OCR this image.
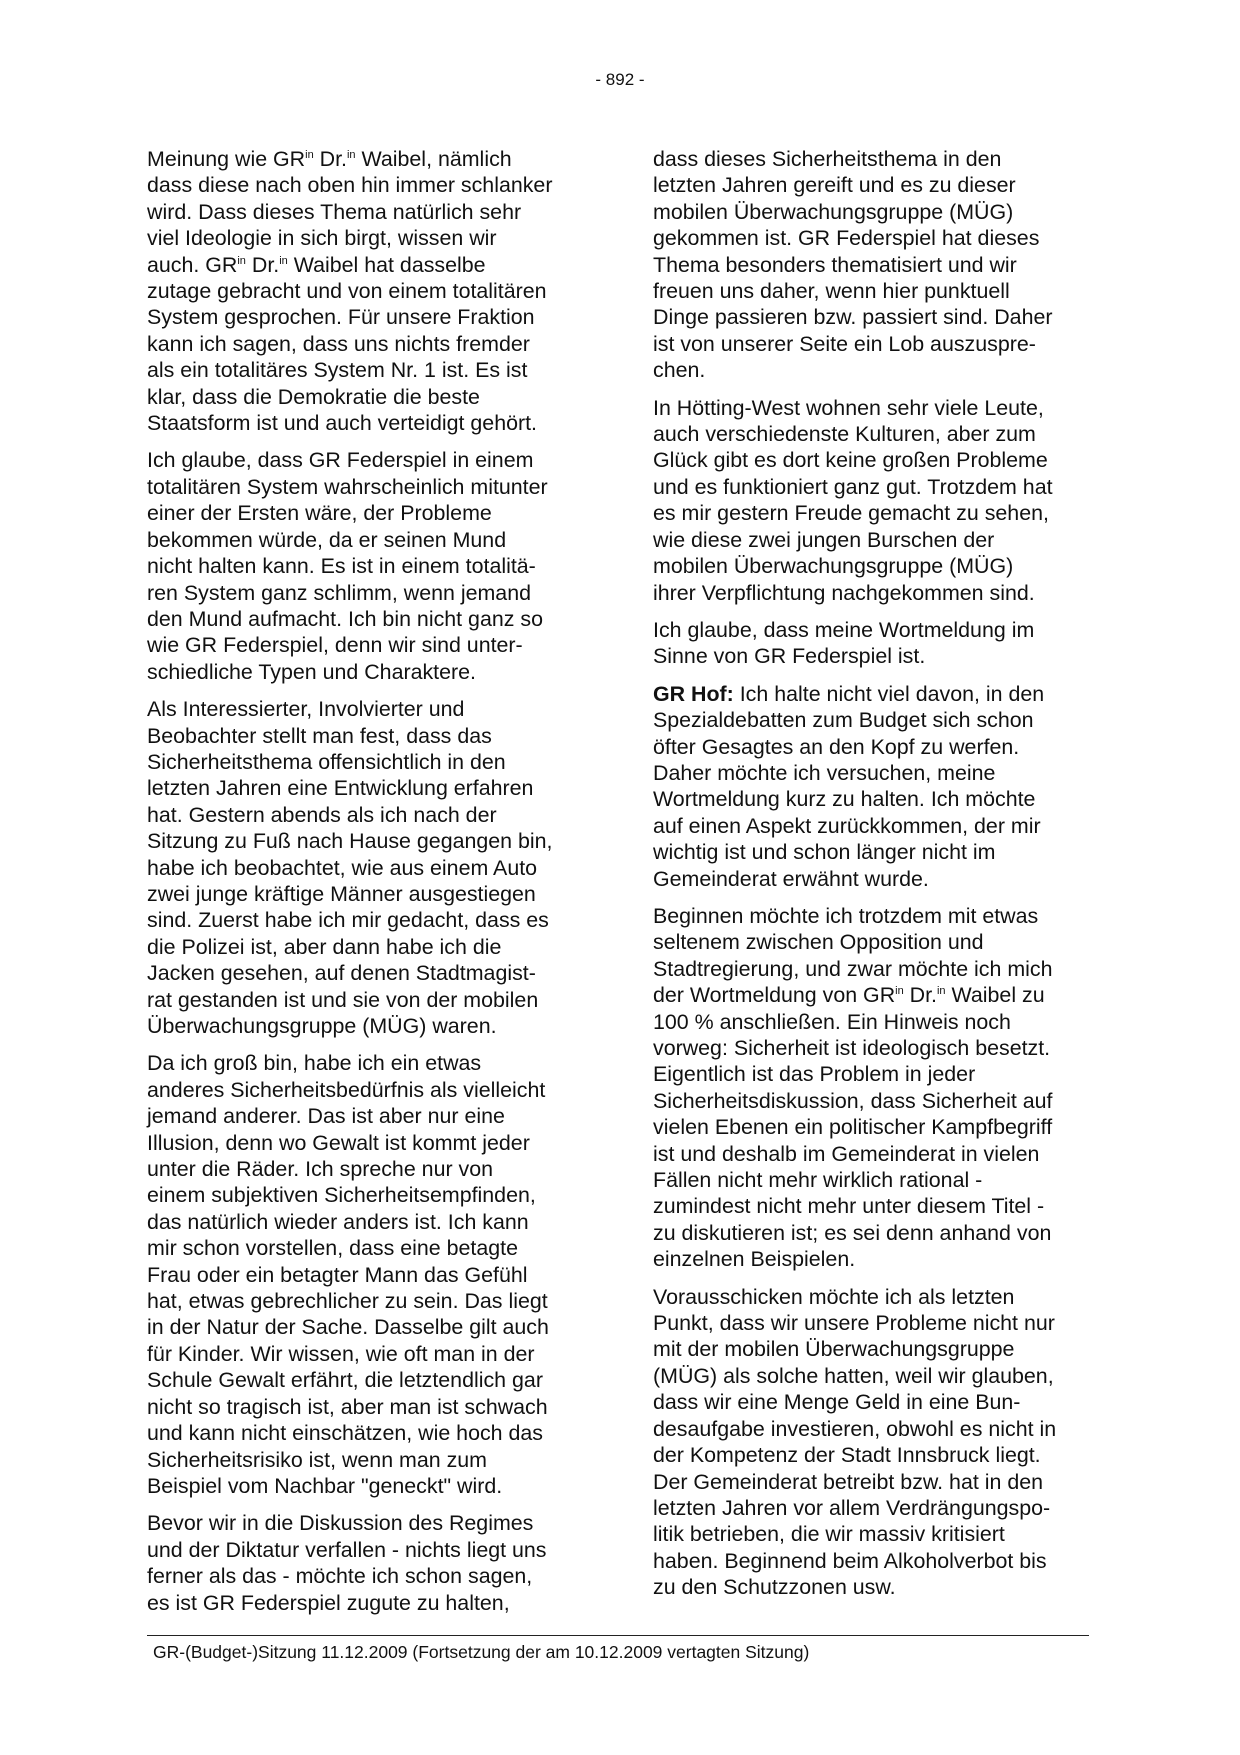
- 892 -

Meinung wie $GR^{in}$ Dr.$^{in}$ Waibel, nämlich
dass diese nach oben hin immer schlanker
wird. Dass dieses Thema natürlich sehr
viel Ideologie in sich birgt, wissen wir
auch. $GR^{in}$ Dr.$^{in}$ Waibel hat dasselbe
zutage gebracht und von einem totalitären
System gesprochen. Für unsere Fraktion
kann ich sagen, dass uns nichts fremder
als ein totalitäres System Nr. 1 ist. Es ist
klar, dass die Demokratie die beste
Staatsform ist und auch verteidigt gehört.

Ich glaube, dass GR Federspiel in einem
totalitären System wahrscheinlich mitunter
einer der Ersten wäre, der Probleme
bekommen würde, da er seinen Mund
nicht halten kann. Es ist in einem totalitä-
ren System ganz schlimm, wenn jemand
den Mund aufmacht. Ich bin nicht ganz so
wie GR Federspiel, denn wir sind unter-
schiedliche Typen und Charaktere.

Als Interessierter, Involvierter und
Beobachter stellt man fest, dass das
Sicherheitsthema offensichtlich in den
letzten Jahren eine Entwicklung erfahren
hat. Gestern abends als ich nach der
Sitzung zu Fuß nach Hause gegangen bin,
habe ich beobachtet, wie aus einem Auto
zwei junge kräftige Männer ausgestiegen
sind. Zuerst habe ich mir gedacht, dass es
die Polizei ist, aber dann habe ich die
Jacken gesehen, auf denen Stadtmagist-
rat gestanden ist und sie von der mobilen
Überwachungsgruppe (MÜG) waren.

Da ich groß bin, habe ich ein etwas
anderes Sicherheitsbedürfnis als vielleicht
jemand anderer. Das ist aber nur eine
Illusion, denn wo Gewalt ist kommt jeder
unter die Räder. Ich spreche nur von
einem subjektiven Sicherheitsempfinden,
das natürlich wieder anders ist. Ich kann
mir schon vorstellen, dass eine betagte
Frau oder ein betagter Mann das Gefühl
hat, etwas gebrechlicher zu sein. Das liegt
in der Natur der Sache. Dasselbe gilt auch
für Kinder. Wir wissen, wie oft man in der
Schule Gewalt erfährt, die letztendlich gar
nicht so tragisch ist, aber man ist schwach
und kann nicht einschätzen, wie hoch das
Sicherheitsrisiko ist, wenn man zum
Beispiel vom Nachbar "geneckt" wird.

Bevor wir in die Diskussion des Regimes
und der Diktatur verfallen - nichts liegt uns
ferner als das - möchte ich schon sagen,
es ist GR Federspiel zugute zu halten,

dass dieses Sicherheitsthema in den
letzten Jahren gereift und es zu dieser
mobilen Überwachungsgruppe (MÜG)
gekommen ist. GR Federspiel hat dieses
Thema besonders thematisiert und wir
freuen uns daher, wenn hier punktuell
Dinge passieren bzw. passiert sind. Daher
ist von unserer Seite ein Lob auszuspre-
chen.

In Hötting-West wohnen sehr viele Leute,
auch verschiedenste Kulturen, aber zum
Glück gibt es dort keine großen Probleme
und es funktioniert ganz gut. Trotzdem hat
es mir gestern Freude gemacht zu sehen,
wie diese zwei jungen Burschen der
mobilen Überwachungsgruppe (MÜG)
ihrer Verpflichtung nachgekommen sind.

Ich glaube, dass meine Wortmeldung im
Sinne von GR Federspiel ist.

GR Hof: Ich halte nicht viel davon, in den
Spezialdebatten zum Budget sich schon
öfter Gesagtes an den Kopf zu werfen.
Daher möchte ich versuchen, meine
Wortmeldung kurz zu halten. Ich möchte
auf einen Aspekt zurückkommen, der mir
wichtig ist und schon länger nicht im
Gemeinderat erwähnt wurde.

Beginnen möchte ich trotzdem mit etwas
seltenem zwischen Opposition und
Stadtregierung, und zwar möchte ich mich
der Wortmeldung von $GR^{in}$ Dr.$^{in}$ Waibel zu
100 % anschließen. Ein Hinweis noch
vorweg: Sicherheit ist ideologisch besetzt.
Eigentlich ist das Problem in jeder
Sicherheitsdiskussion, dass Sicherheit auf
vielen Ebenen ein politischer Kampfbegriff
ist und deshalb im Gemeinderat in vielen
Fällen nicht mehr wirklich rational -
zumindest nicht mehr unter diesem Titel -
zu diskutieren ist; es sei denn anhand von
einzelnen Beispielen.

Vorausschicken möchte ich als letzten
Punkt, dass wir unsere Probleme nicht nur
mit der mobilen Überwachungsgruppe
(MÜG) als solche hatten, weil wir glauben,
dass wir eine Menge Geld in eine Bun-
desaufgabe investieren, obwohl es nicht in
der Kompetenz der Stadt Innsbruck liegt.
Der Gemeinderat betreibt bzw. hat in den
letzten Jahren vor allem Verdrängungspo-
litik betrieben, die wir massiv kritisiert
haben. Beginnend beim Alkoholverbot bis
zu den Schutzzonen usw.

GR-(Budget-)Sitzung 11.12.2009 (Fortsetzung der am 10.12.2009 vertagten Sitzung)
